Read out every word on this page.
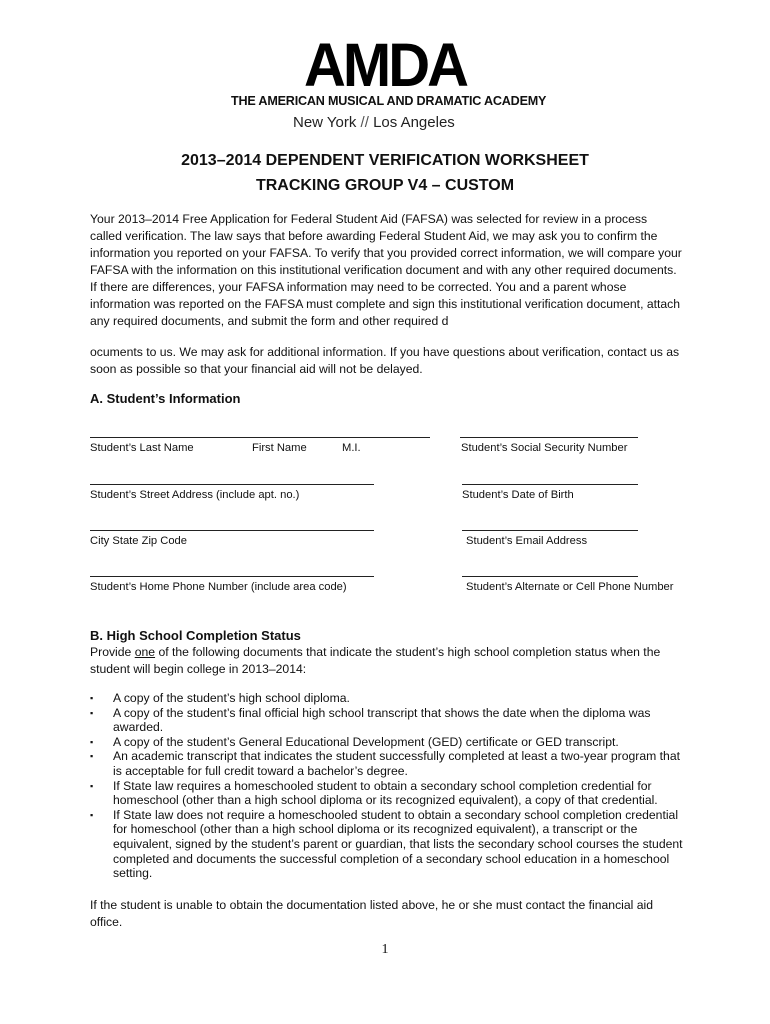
AMDA
THE AMERICAN MUSICAL AND DRAMATIC ACADEMY
New York // Los Angeles
2013–2014 DEPENDENT VERIFICATION WORKSHEET
TRACKING GROUP V4 – CUSTOM
Your 2013–2014 Free Application for Federal Student Aid (FAFSA) was selected for review in a process called verification. The law says that before awarding Federal Student Aid, we may ask you to confirm the information you reported on your FAFSA. To verify that you provided correct information, we will compare your FAFSA with the information on this institutional verification document and with any other required documents. If there are differences, your FAFSA information may need to be corrected. You and a parent whose information was reported on the FAFSA must complete and sign this institutional verification document, attach any required documents, and submit the form and other required d
ocuments to us. We may ask for additional information. If you have questions about verification, contact us as soon as possible so that your financial aid will not be delayed.
A. Student’s Information
Student’s Last Name	First Name	M.I.	Student’s Social Security Number
Student’s Street Address (include apt. no.)	Student’s Date of Birth
City State Zip Code	Student’s Email Address
Student’s Home Phone Number (include area code)	Student’s Alternate or Cell Phone Number
B. High School Completion Status
Provide one of the following documents that indicate the student’s high school completion status when the student will begin college in 2013–2014:
▪ A copy of the student’s high school diploma.
▪ A copy of the student’s final official high school transcript that shows the date when the diploma was awarded.
▪ A copy of the student’s General Educational Development (GED) certificate or GED transcript.
▪ An academic transcript that indicates the student successfully completed at least a two-year program that is acceptable for full credit toward a bachelor’s degree.
▪ If State law requires a homeschooled student to obtain a secondary school completion credential for homeschool (other than a high school diploma or its recognized equivalent), a copy of that credential.
▪ If State law does not require a homeschooled student to obtain a secondary school completion credential for homeschool (other than a high school diploma or its recognized equivalent), a transcript or the equivalent, signed by the student’s parent or guardian, that lists the secondary school courses the student completed and documents the successful completion of a secondary school education in a homeschool setting.
If the student is unable to obtain the documentation listed above, he or she must contact the financial aid office.
1
